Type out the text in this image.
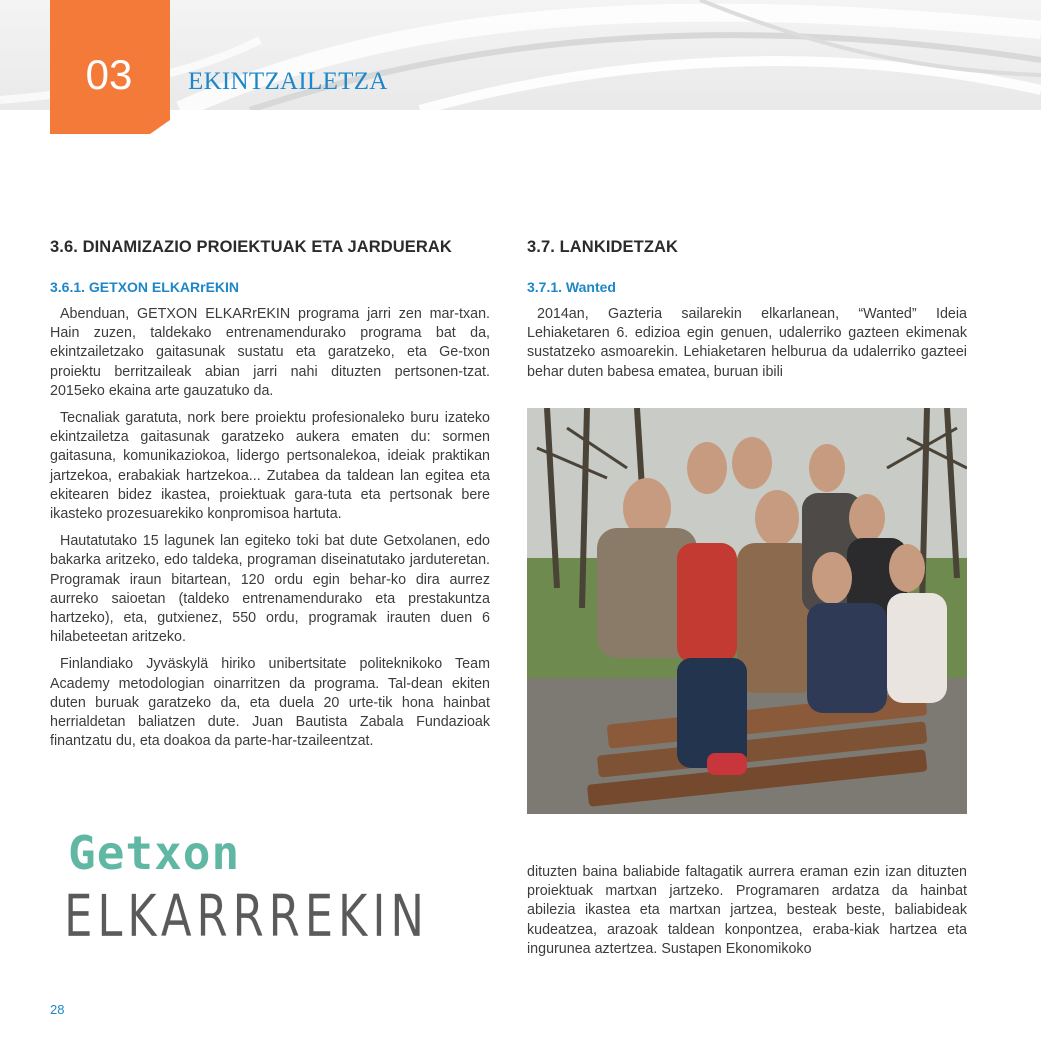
03	EKINTZAILETZA
3.6. DINAMIZAZIO PROIEKTUAK ETA JARDUERAK
3.6.1. GETXON ELKARrEKIN

Abenduan, GETXON ELKARrEKIN programa jarri zen mar-txan. Hain zuzen, taldekako entrenamendurako programa bat da, ekintzailetzako gaitasunak sustatu eta garatzeko, eta Ge-txon proiektu berritzaileak abian jarri nahi dituzten pertsonen-tzat. 2015eko ekaina arte gauzatuko da.

Tecnaliak garatuta, nork bere proiektu profesionaleko buru izateko ekintzailetza gaitasunak garatzeko aukera ematen du: sormen gaitasuna, komunikaziokoa, lidergo pertsonalekoa, ideiak praktikan jartzekoa, erabakiak hartzekoa... Zutabea da taldean lan egitea eta ekitearen bidez ikastea, proiektuak gara-tuta eta pertsonak bere ikasteko prozesuarekiko konpromisoa hartuta.

Hautatutako 15 lagunek lan egiteko toki bat dute Getxolanen, edo bakarka aritzeko, edo taldeka, programan diseinatutako jarduteretan. Programak iraun bitartean, 120 ordu egin behar-ko dira aurrez aurreko saioetan (taldeko entrenamendurako eta prestakuntza hartzeko), eta, gutxienez, 550 ordu, programak irauten duen 6 hilabeteetan aritzeko.

Finlandiako Jyväskylä hiriko unibertsitate politeknikoko Team Academy metodologian oinarritzen da programa. Tal-dean ekiten duten buruak garatzeko da, eta duela 20 urte-tik hona hainbat herrialdetan baliatzen dute. Juan Bautista Zabala Fundazioak finantzatu du, eta doakoa da parte-har-tzaileentzat.

Getxon
ELKARRREKIN
3.7. LANKIDETZAK
3.7.1. Wanted

2014an, Gazteria sailarekin elkarlanean, “Wanted” Ideia Lehiaketaren 6. edizioa egin genuen, udalerriko gazteen ekimenak sustatzeko asmoarekin. Lehiaketaren helburua da udalerriko gazteei behar duten babesa ematea, buruan ibili

dituzten baina baliabide faltagatik aurrera eraman ezin izan dituzten proiektuak martxan jartzeko. Programaren ardatza da hainbat abilezia ikastea eta martxan jartzea, besteak beste, baliabideak kudeatzea, arazoak taldean konpontzea, eraba-kiak hartzea eta ingurunea aztertzea. Sustapen Ekonomikoko

28
